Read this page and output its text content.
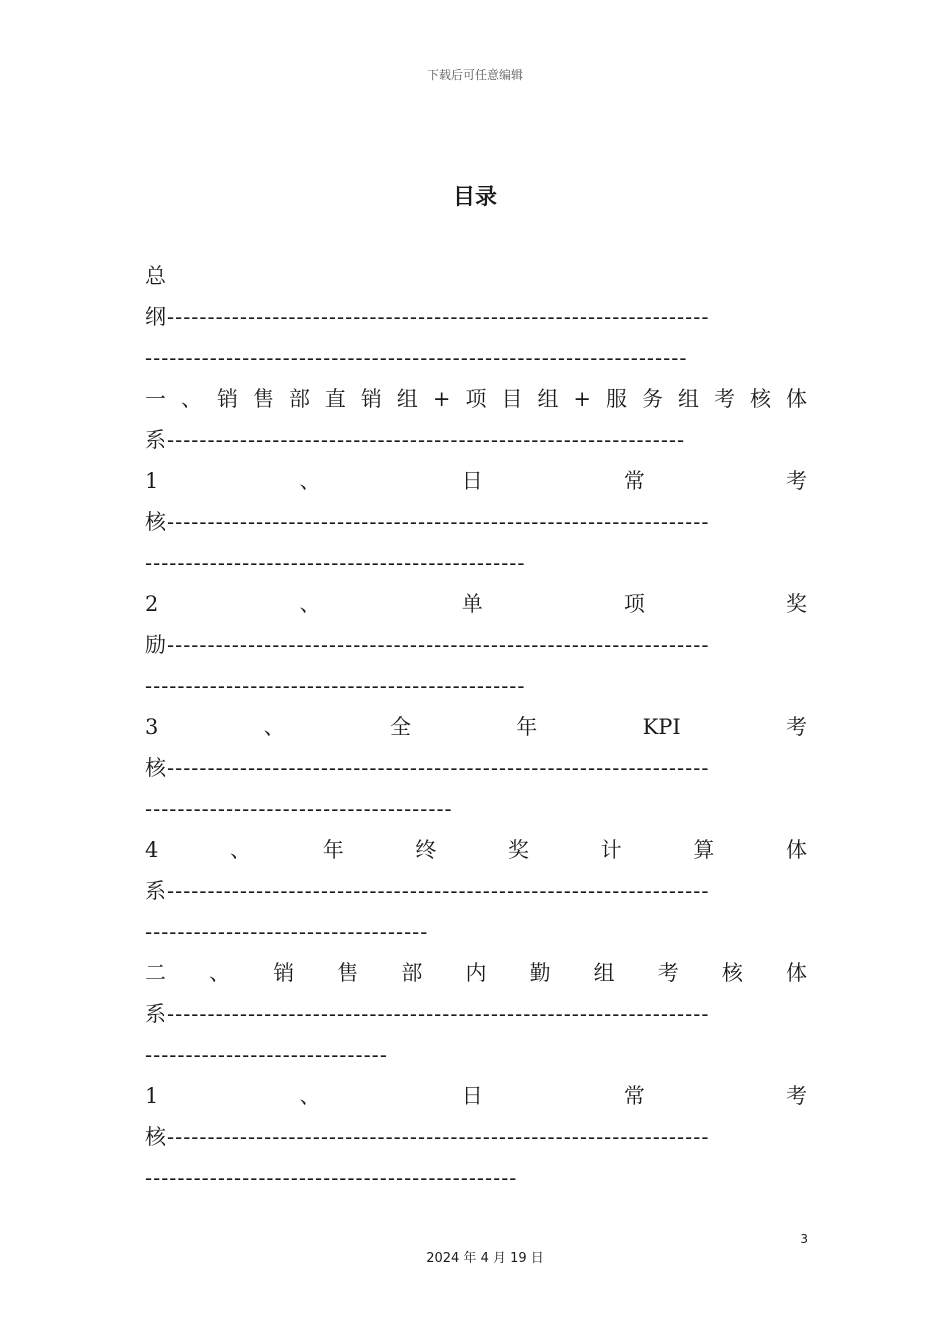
下载后可任意编辑
目录
总
纲-------------------------------------------------------------------
-------------------------------------------------------------------
一 、 销 售 部 直 销 组 + 项 目 组 + 服 务 组 考 核 体
系----------------------------------------------------------------
1	、	日	常	考
核-------------------------------------------------------------------
-----------------------------------------------
2	、	单	项	奖
励-------------------------------------------------------------------
-----------------------------------------------
3	、	全	年	KPI	考
核-------------------------------------------------------------------
--------------------------------------
4	、	年	终	奖	计	算	体
系-------------------------------------------------------------------
-----------------------------------
二 、 销 售 部 内 勤 组 考 核 体
系-------------------------------------------------------------------
------------------------------
1	、	日	常	考
核-------------------------------------------------------------------
----------------------------------------------
3
2024 年 4 月 19 日
